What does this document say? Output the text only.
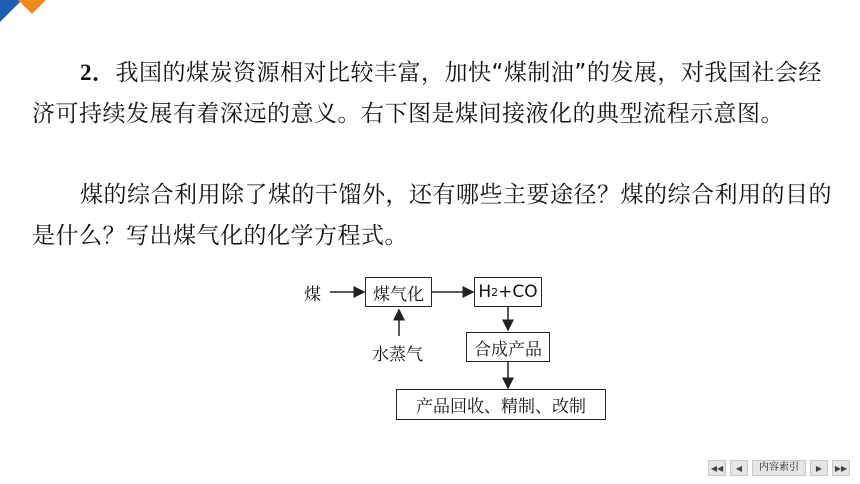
2．我国的煤炭资源相对比较丰富，加快“煤制油”的发展，对我国社会经济可持续发展有着深远的意义。右下图是煤间接液化的典型流程示意图。
煤的综合利用除了煤的干馏外，还有哪些主要途径？煤的综合利用的目的是什么？写出煤气化的化学方程式。
煤	煤气化	H 2 +CO
水蒸气	合成产品
产品回收、精制、改制
◀◀	◀	内容索引	▶	▶▶
